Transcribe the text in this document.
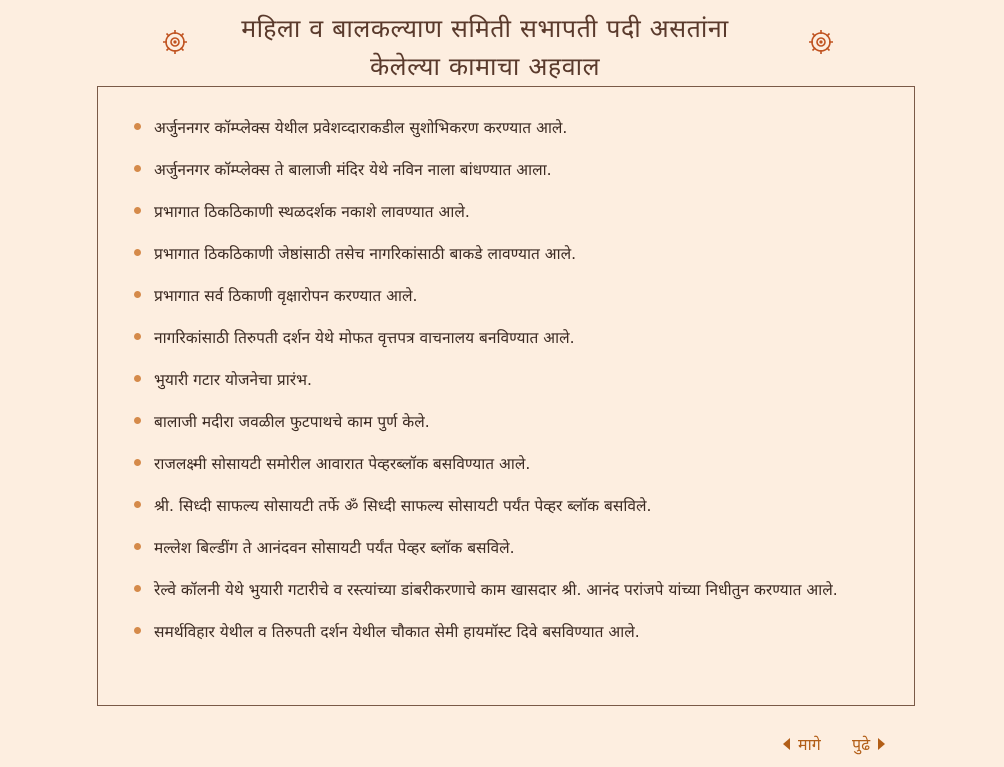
महिला व बालकल्याण समिती सभापती पदी असतांना
केलेल्या कामाचा अहवाल
अर्जुननगर कॉम्प्लेक्स येथील प्रवेशव्दाराकडील सुशोभिकरण करण्यात आले.
अर्जुननगर कॉम्प्लेक्स ते बालाजी मंदिर येथे नविन नाला बांधण्यात आला.
प्रभागात ठिकठिकाणी स्थळदर्शक नकाशे लावण्यात आले.
प्रभागात ठिकठिकाणी जेष्ठांसाठी तसेच नागरिकांसाठी बाकडे लावण्यात आले.
प्रभागात सर्व ठिकाणी वृक्षारोपन करण्यात आले.
नागरिकांसाठी तिरुपती दर्शन येथे मोफत वृत्तपत्र वाचनालय बनविण्यात आले.
भुयारी गटार योजनेचा प्रारंभ.
बालाजी मदीरा जवळील फुटपाथचे काम पुर्ण केले.
राजलक्ष्मी सोसायटी समोरील आवारात पेव्हरब्लॉक बसविण्यात आले.
श्री. सिध्दी साफल्य सोसायटी तर्फे ॐ सिध्दी साफल्य सोसायटी पर्यंत पेव्हर ब्लॉक बसविले.
मल्लेश बिल्डींग ते आनंदवन सोसायटी पर्यंत पेव्हर ब्लॉक बसविले.
रेल्वे कॉलनी येथे भुयारी गटारीचे व रस्त्यांच्या डांबरीकरणाचे काम खासदार श्री. आनंद परांजपे यांच्या निधीतुन करण्यात आले.
समर्थविहार येथील व तिरुपती दर्शन येथील चौकात सेमी हायमॉस्ट दिवे बसविण्यात आले.
मागे पुढे
